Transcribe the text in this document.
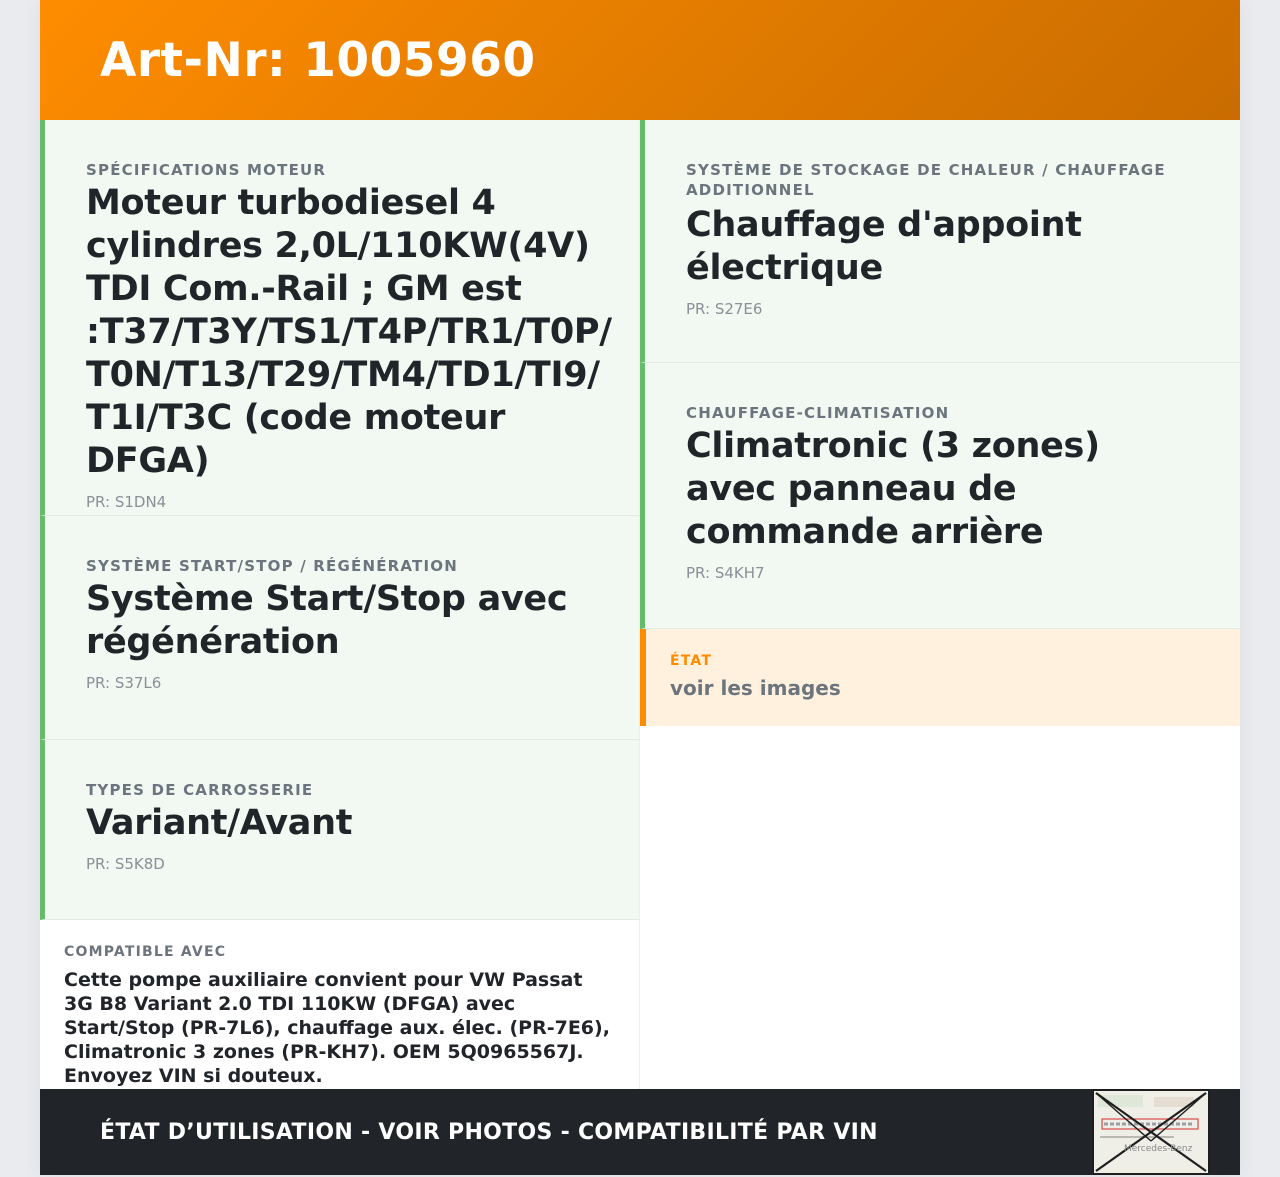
Art-Nr: 1005960
SPÉCIFICATIONS MOTEUR
Moteur turbodiesel 4 cylindres 2,0L/110KW(4V) TDI Com.-Rail ; GM est :T37/T3Y/TS1/T4P/TR1/T0P/ T0N/T13/T29/TM4/TD1/TI9/ T1I/T3C (code moteur DFGA)
PR: S1DN4
SYSTÈME START/STOP / RÉGÉNÉRATION
Système Start/Stop avec régénération
PR: S37L6
TYPES DE CARROSSERIE
Variant/Avant
PR: S5K8D
COMPATIBLE AVEC
Cette pompe auxiliaire convient pour VW Passat 3G B8 Variant 2.0 TDI 110KW (DFGA) avec Start/Stop (PR-7L6), chauffage aux. élec. (PR-7E6), Climatronic 3 zones (PR-KH7). OEM 5Q0965567J. Envoyez VIN si douteux.
SYSTÈME DE STOCKAGE DE CHALEUR / CHAUFFAGE ADDITIONNEL
Chauffage d'appoint électrique
PR: S27E6
CHAUFFAGE-CLIMATISATION
Climatronic (3 zones) avec panneau de commande arrière
PR: S4KH7
ÉTAT
voir les images
ÉTAT D’UTILISATION - VOIR PHOTOS - COMPATIBILITÉ PAR VIN
Mercedes-Benz
